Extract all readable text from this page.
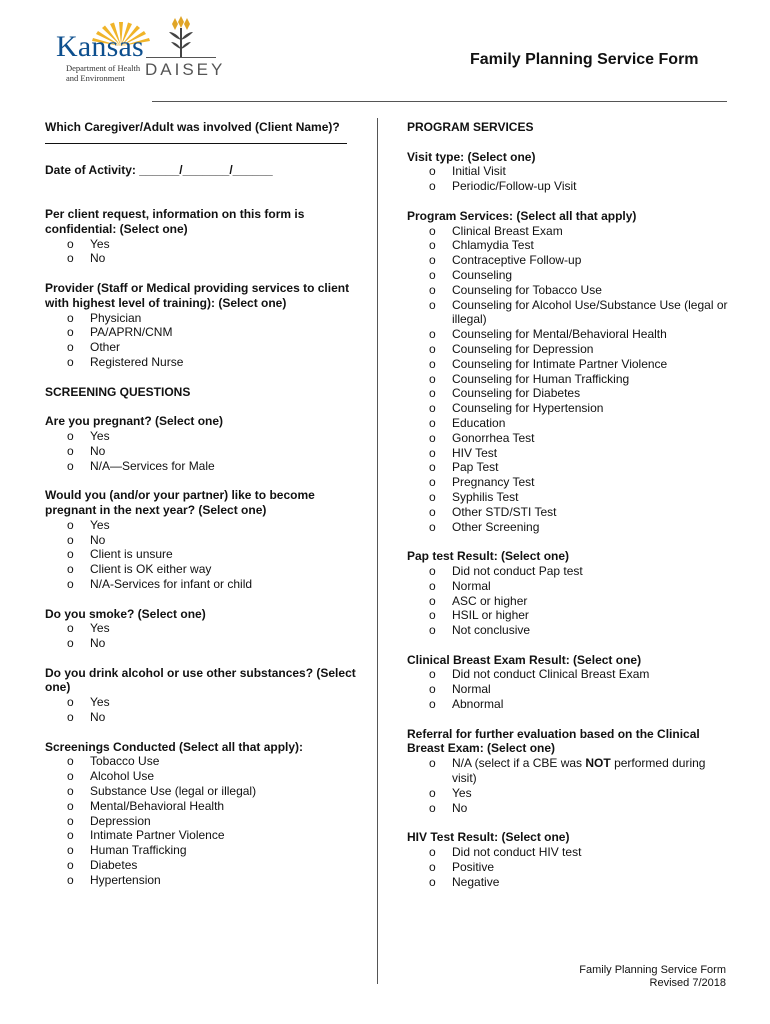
Kansas
Department of Health
and Environment	DAISEY
Family Planning Service Form
Which Caregiver/Adult was involved (Client Name)?
Date of Activity: ______/_______/______
Per client request, information on this form is confidential: (Select one)
o Yes
o No
Provider (Staff or Medical providing services to client with highest level of training): (Select one)
o Physician
o PA/APRN/CNM
o Other
o Registered Nurse
SCREENING QUESTIONS
Are you pregnant? (Select one)
o Yes
o No
o N/A—Services for Male
Would you (and/or your partner) like to become pregnant in the next year? (Select one)
o Yes
o No
o Client is unsure
o Client is OK either way
o N/A-Services for infant or child
Do you smoke? (Select one)
o Yes
o No
Do you drink alcohol or use other substances? (Select one)
o Yes
o No
Screenings Conducted (Select all that apply):
o Tobacco Use
o Alcohol Use
o Substance Use (legal or illegal)
o Mental/Behavioral Health
o Depression
o Intimate Partner Violence
o Human Trafficking
o Diabetes
o Hypertension
PROGRAM SERVICES
Visit type: (Select one)
o Initial Visit
o Periodic/Follow-up Visit
Program Services: (Select all that apply)
o Clinical Breast Exam
o Chlamydia Test
o Contraceptive Follow-up
o Counseling
o Counseling for Tobacco Use
o Counseling for Alcohol Use/Substance Use (legal or illegal)
o Counseling for Mental/Behavioral Health
o Counseling for Depression
o Counseling for Intimate Partner Violence
o Counseling for Human Trafficking
o Counseling for Diabetes
o Counseling for Hypertension
o Education
o Gonorrhea Test
o HIV Test
o Pap Test
o Pregnancy Test
o Syphilis Test
o Other STD/STI Test
o Other Screening
Pap test Result: (Select one)
o Did not conduct Pap test
o Normal
o ASC or higher
o HSIL or higher
o Not conclusive
Clinical Breast Exam Result: (Select one)
o Did not conduct Clinical Breast Exam
o Normal
o Abnormal
Referral for further evaluation based on the Clinical Breast Exam: (Select one)
o N/A (select if a CBE was NOT performed during visit)
o Yes
o No
HIV Test Result: (Select one)
o Did not conduct HIV test
o Positive
o Negative
Family Planning Service Form
Revised 7/2018
